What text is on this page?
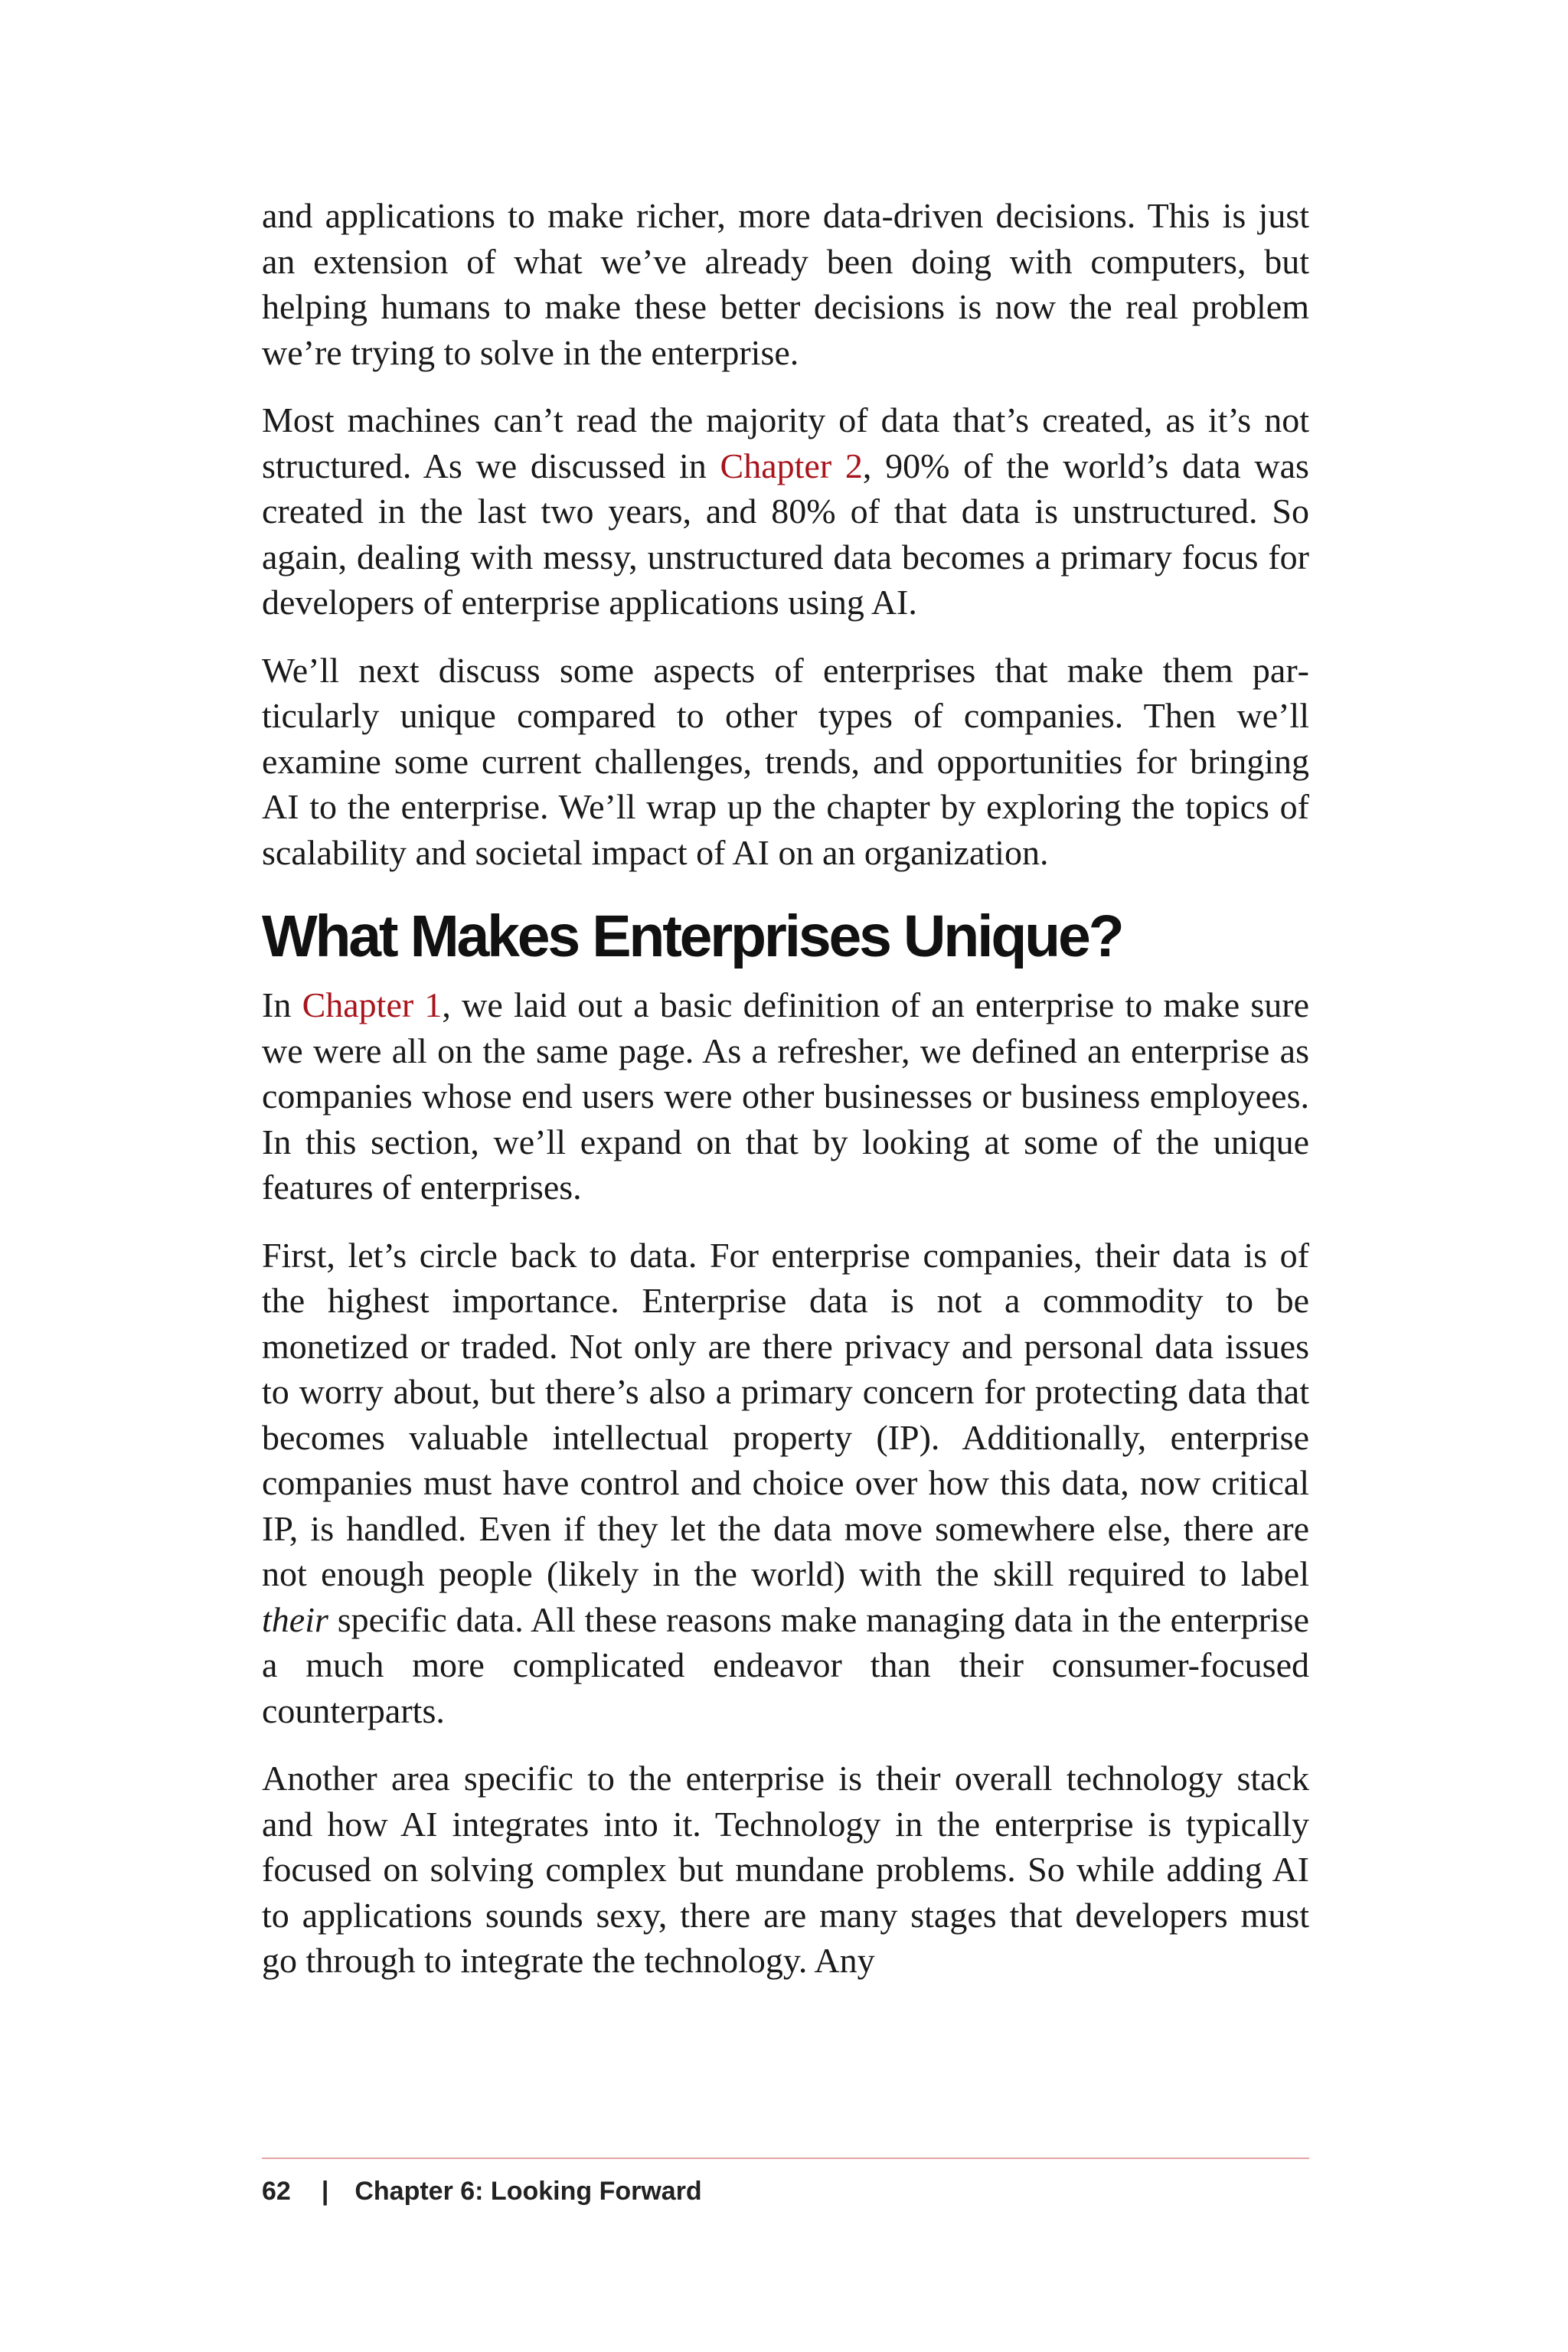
and applications to make richer, more data-driven decisions. This is just an extension of what we’ve already been doing with computers, but helping humans to make these better decisions is now the real problem we’re trying to solve in the enterprise.

Most machines can’t read the majority of data that’s created, as it’s not structured. As we discussed in Chapter 2, 90% of the world’s data was created in the last two years, and 80% of that data is unstructured. So again, dealing with messy, unstructured data becomes a primary focus for developers of enterprise applications using AI.

We’ll next discuss some aspects of enterprises that make them particularly unique compared to other types of companies. Then we’ll examine some current challenges, trends, and opportunities for bringing AI to the enterprise. We’ll wrap up the chapter by exploring the topics of scalability and societal impact of AI on an organization.

What Makes Enterprises Unique?

In Chapter 1, we laid out a basic definition of an enterprise to make sure we were all on the same page. As a refresher, we defined an enterprise as companies whose end users were other businesses or business employees. In this section, we’ll expand on that by looking at some of the unique features of enterprises.

First, let’s circle back to data. For enterprise companies, their data is of the highest importance. Enterprise data is not a commodity to be monetized or traded. Not only are there privacy and personal data issues to worry about, but there’s also a primary concern for protecting data that becomes valuable intellectual property (IP). Additionally, enterprise companies must have control and choice over how this data, now critical IP, is handled. Even if they let the data move somewhere else, there are not enough people (likely in the world) with the skill required to label their specific data. All these reasons make managing data in the enterprise a much more complicated endeavor than their consumer-focused counterparts.

Another area specific to the enterprise is their overall technology stack and how AI integrates into it. Technology in the enterprise is typically focused on solving complex but mundane problems. So while adding AI to applications sounds sexy, there are many stages that developers must go through to integrate the technology. Any

62 | Chapter 6: Looking Forward
